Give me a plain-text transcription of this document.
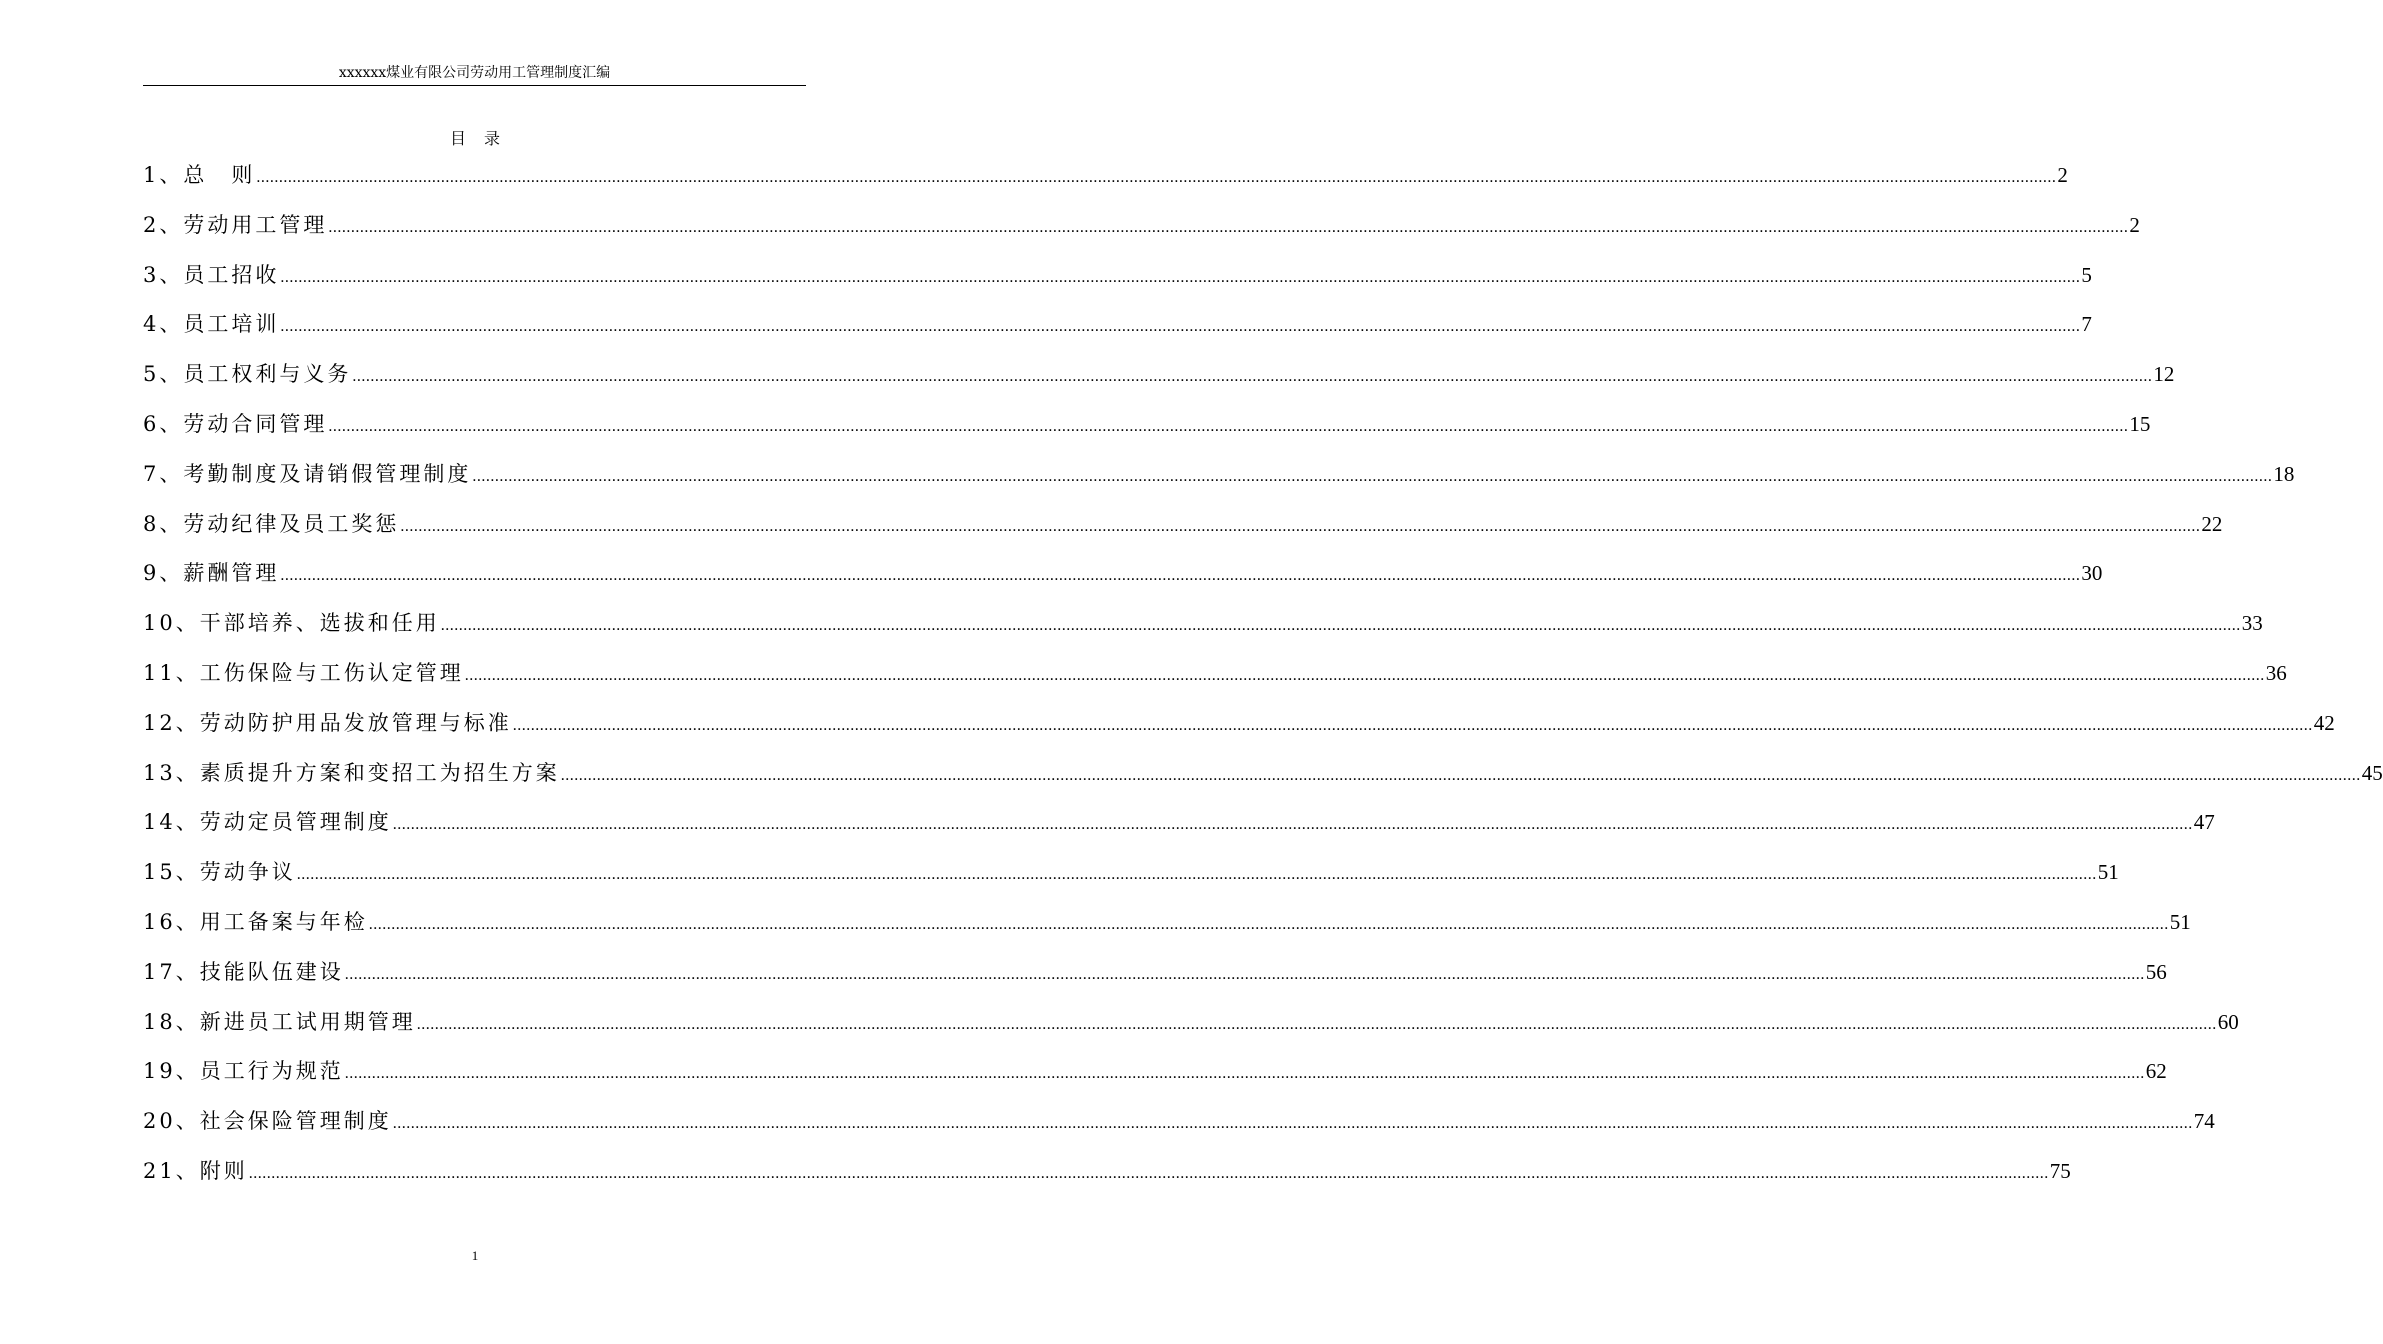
xxxxxx煤业有限公司劳动用工管理制度汇编
目录
1、总　则 ................................................................................................................................................................................................................................................................................................................................................................................................................ 2
2、劳动用工管理 ................................................................................................................................................................................................................................................................................................................................................................................................................ 2
3、员工招收 ................................................................................................................................................................................................................................................................................................................................................................................................................ 5
4、员工培训 ................................................................................................................................................................................................................................................................................................................................................................................................................ 7
5、员工权利与义务 ................................................................................................................................................................................................................................................................................................................................................................................................................ 12
6、劳动合同管理 ................................................................................................................................................................................................................................................................................................................................................................................................................ 15
7、考勤制度及请销假管理制度 ................................................................................................................................................................................................................................................................................................................................................................................................................ 18
8、劳动纪律及员工奖惩 ................................................................................................................................................................................................................................................................................................................................................................................................................ 22
9、薪酬管理 ................................................................................................................................................................................................................................................................................................................................................................................................................ 30
10、干部培养、选拔和任用 ................................................................................................................................................................................................................................................................................................................................................................................................................ 33
11、工伤保险与工伤认定管理 ................................................................................................................................................................................................................................................................................................................................................................................................................ 36
12、劳动防护用品发放管理与标准 ................................................................................................................................................................................................................................................................................................................................................................................................................ 42
13、素质提升方案和变招工为招生方案 ................................................................................................................................................................................................................................................................................................................................................................................................................ 45
14、劳动定员管理制度 ................................................................................................................................................................................................................................................................................................................................................................................................................ 47
15、劳动争议 ................................................................................................................................................................................................................................................................................................................................................................................................................ 51
16、用工备案与年检 ................................................................................................................................................................................................................................................................................................................................................................................................................ 51
17、技能队伍建设 ................................................................................................................................................................................................................................................................................................................................................................................................................ 56
18、新进员工试用期管理 ................................................................................................................................................................................................................................................................................................................................................................................................................ 60
19、员工行为规范 ................................................................................................................................................................................................................................................................................................................................................................................................................ 62
20、社会保险管理制度 ................................................................................................................................................................................................................................................................................................................................................................................................................ 74
21、附则 ................................................................................................................................................................................................................................................................................................................................................................................................................ 75
1
